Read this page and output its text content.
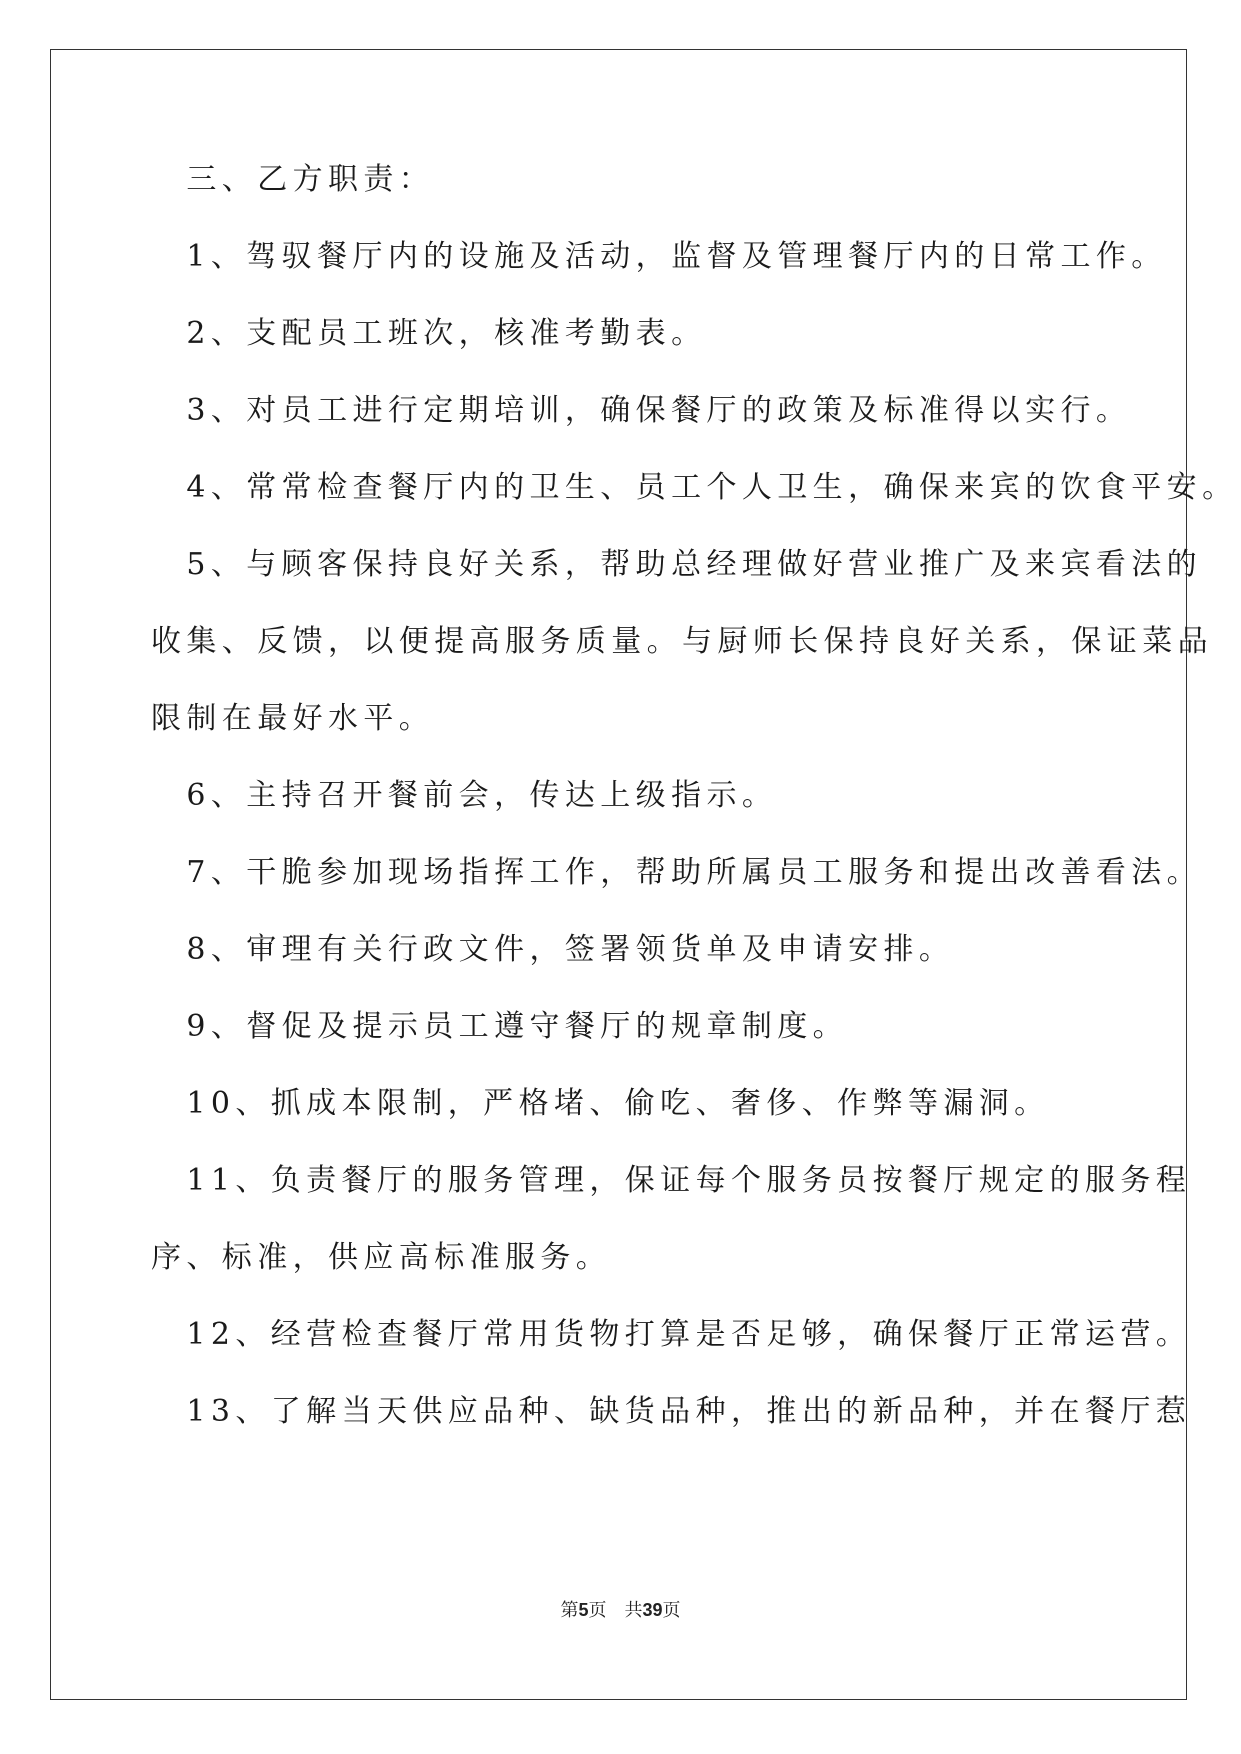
　三、乙方职责：
　1、驾驭餐厅内的设施及活动，监督及管理餐厅内的日常工作。
　2、支配员工班次，核准考勤表。
　3、对员工进行定期培训，确保餐厅的政策及标准得以实行。
　4、常常检查餐厅内的卫生、员工个人卫生，确保来宾的饮食平安。
　5、与顾客保持良好关系，帮助总经理做好营业推广及来宾看法的
收集、反馈，以便提高服务质量。与厨师长保持良好关系，保证菜品
限制在最好水平。
　6、主持召开餐前会，传达上级指示。
　7、干脆参加现场指挥工作，帮助所属员工服务和提出改善看法。
　8、审理有关行政文件，签署领货单及申请安排。
　9、督促及提示员工遵守餐厅的规章制度。
　10、抓成本限制，严格堵、偷吃、奢侈、作弊等漏洞。
　11、负责餐厅的服务管理，保证每个服务员按餐厅规定的服务程
序、标准，供应高标准服务。
　12、经营检查餐厅常用货物打算是否足够，确保餐厅正常运营。
　13、了解当天供应品种、缺货品种，推出的新品种，并在餐厅惹
第5页　共39页
